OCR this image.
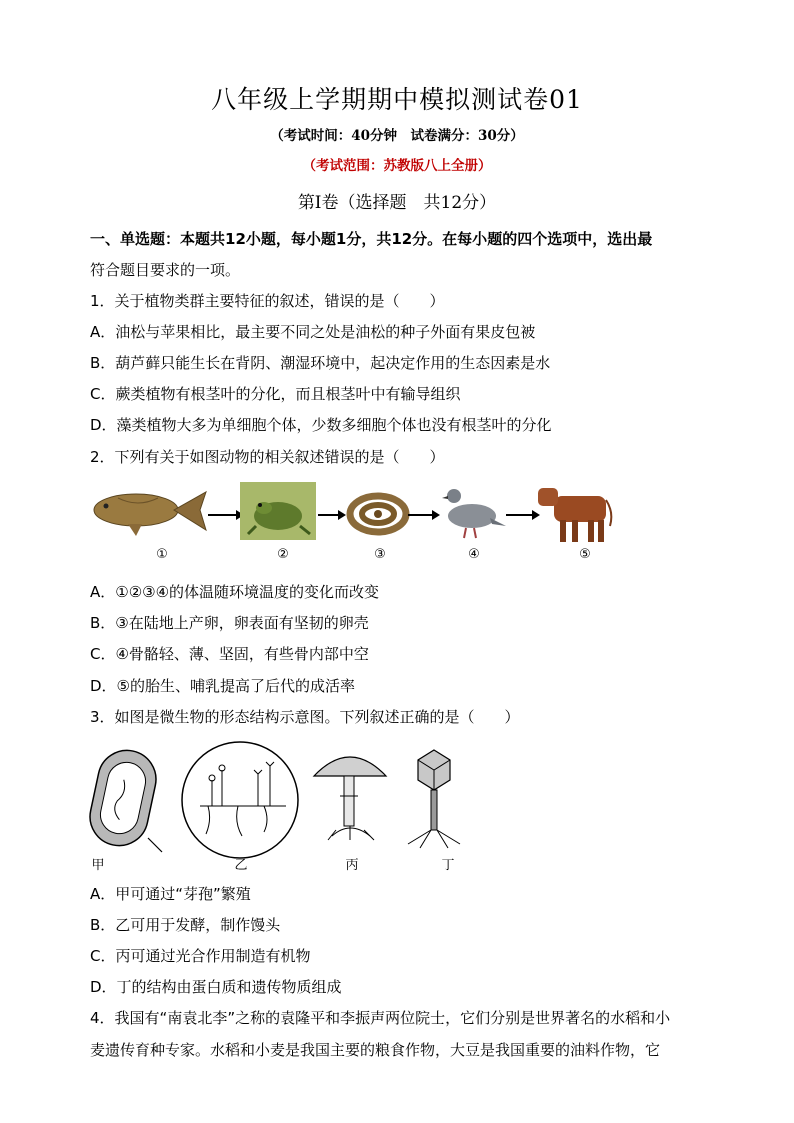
八年级上学期期中模拟测试卷01
（考试时间：40分钟　试卷满分：30分）
（考试范围：苏教版八上全册）
第Ⅰ卷（选择题　共12分）
一、单选题：本题共12小题，每小题1分，共12分。在每小题的四个选项中，选出最
符合题目要求的一项。
1．关于植物类群主要特征的叙述，错误的是（　　）
A．油松与苹果相比，最主要不同之处是油松的种子外面有果皮包被
B．葫芦藓只能生长在背阴、潮湿环境中，起决定作用的生态因素是水
C．蕨类植物有根茎叶的分化，而且根茎叶中有输导组织
D．藻类植物大多为单细胞个体，少数多细胞个体也没有根茎叶的分化
2．下列有关于如图动物的相关叙述错误的是（　　）
①	②	③	④	⑤
A．①②③④的体温随环境温度的变化而改变
B．③在陆地上产卵，卵表面有坚韧的卵壳
C．④骨骼轻、薄、坚固，有些骨内部中空
D．⑤的胎生、哺乳提高了后代的成活率
3．如图是微生物的形态结构示意图。下列叙述正确的是（　　）
甲	乙	丙	丁
A．甲可通过“芽孢”繁殖
B．乙可用于发酵，制作馒头
C．丙可通过光合作用制造有机物
D．丁的结构由蛋白质和遗传物质组成
4．我国有“南袁北李”之称的袁隆平和李振声两位院士，它们分别是世界著名的水稻和小
麦遗传育种专家。水稻和小麦是我国主要的粮食作物，大豆是我国重要的油料作物，它
